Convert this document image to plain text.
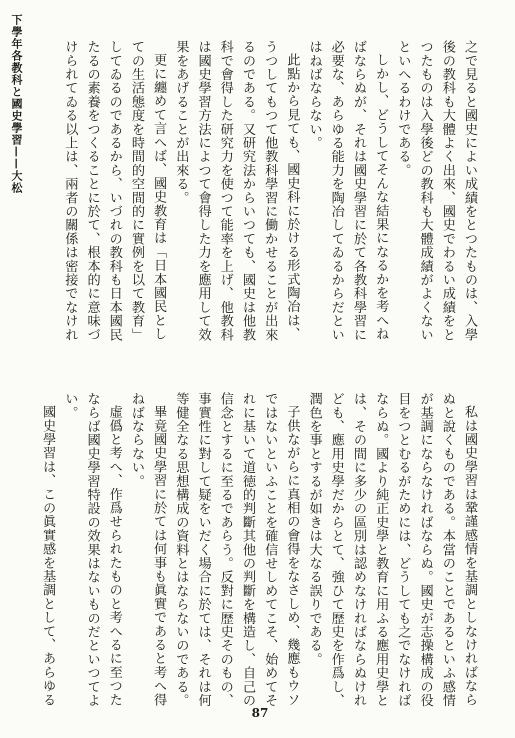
下學年各教科と國史學習——大松	之で見ると國史によい成績をとつたものは、入學後の教科も大體よく出來、國史でわるい成績をとつたものは入學後どの教科も大體成績がよくないといへるわけである。

しかし、どうしてそんな結果になるかを考へねばならぬが、それは國史學習に於て各教科學習に必要な、あらゆる能力を陶冶してゐるからだといはねばならない。

此點から見ても、國史科に於ける形式陶冶は、うつしてもつて他教科學習に働かせることが出來るのである。又研究法からいつても、國史は他教科で會得した研究力を使つて能率を上げ、他教科は國史學習方法によつて會得した力を應用して效果をあげることが出來る。

更に纏めて言へば、國史教育は「日本國民としての生活態度を時間的空間的に實例を以て教育」してゐるのであるから、いづれの教科も日本國民たるの素養をつくることに於て、根本的に意味づけられてゐる以上は、兩者の關係は密接でなけれ

私は國史學習は鞏謹感情を基調としなければならぬと說くものである。本當のことであるといふ感情が基調にならなければならぬ。國史が志操構成の役目をつとむるがためには、どうしても之でなければならぬ。國より純正史學と教育に用ふる應用史學とは、その間に多少の區別は認めなければならぬけれども、應用史學だからとて、強ひて歷史を作爲し、潤色を事とするが如きは大なる誤りである。

子供ながらに真相の會得をなさしめ、幾應もウソではないといふことを確信せしめてこそ、始めてそれに基いて道徳的判斷其他の判斷を構造し、自己の信念とするに至るであらう。反對に歷史そのもの、事實性に對して疑をいだく場合に於ては、それは何等健全なる思想構成の資料とはならないのである。

畢竟國史學習に於ては何事も眞實であると考へ得ねばならない。

虛僞と考へ、作爲せられたものと考へるに至つたならば國史學習特設の效果はないものだといつてよい。

國史學習は、この眞實感を基調として、あらゆる

87
